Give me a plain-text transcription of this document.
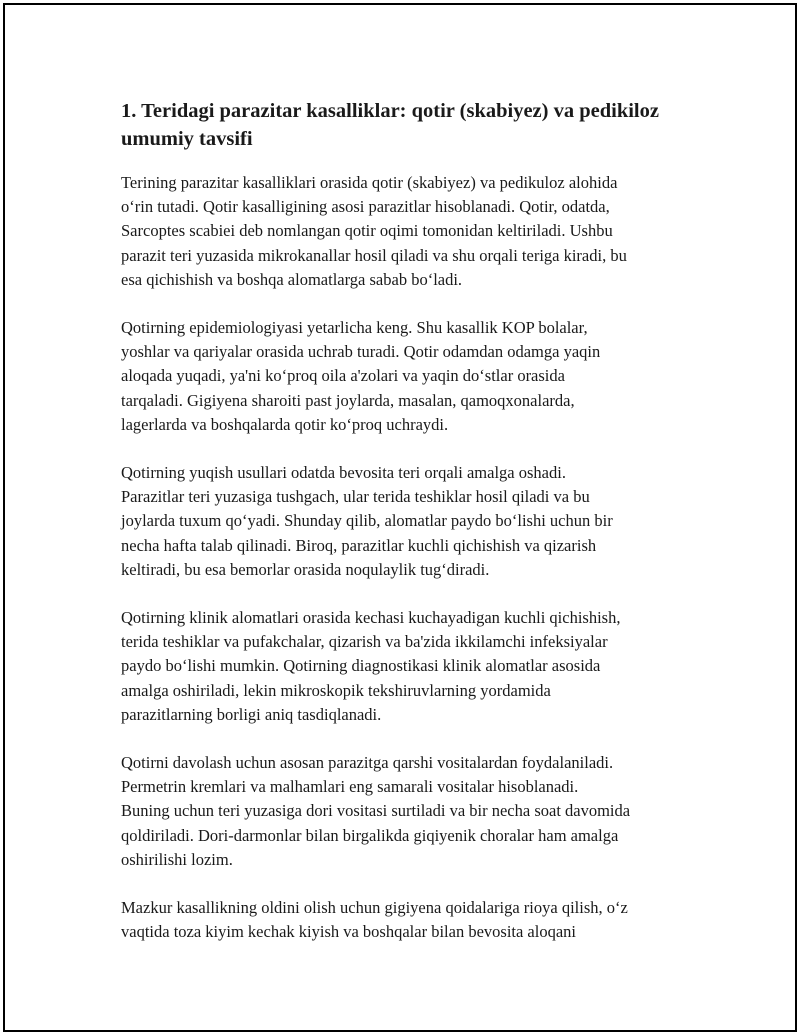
1. Teridagi parazitar kasalliklar: qotir (skabiyez) va pedikiloz
umumiy tavsifi

Terining parazitar kasalliklari orasida qotir (skabiyez) va pedikuloz alohida
o‘rin tutadi. Qotir kasalligining asosi parazitlar hisoblanadi. Qotir, odatda,
Sarcoptes scabiei deb nomlangan qotir oqimi tomonidan keltiriladi. Ushbu
parazit teri yuzasida mikrokanallar hosil qiladi va shu orqali teriga kiradi, bu
esa qichishish va boshqa alomatlarga sabab bo‘ladi.

Qotirning epidemiologiyasi yetarlicha keng. Shu kasallik KOP bolalar,
yoshlar va qariyalar orasida uchrab turadi. Qotir odamdan odamga yaqin
aloqada yuqadi, ya'ni ko‘proq oila a'zolari va yaqin do‘stlar orasida
tarqaladi. Gigiyena sharoiti past joylarda, masalan, qamoqxonalarda,
lagerlarda va boshqalarda qotir ko‘proq uchraydi.

Qotirning yuqish usullari odatda bevosita teri orqali amalga oshadi.
Parazitlar teri yuzasiga tushgach, ular terida teshiklar hosil qiladi va bu
joylarda tuxum qo‘yadi. Shunday qilib, alomatlar paydo bo‘lishi uchun bir
necha hafta talab qilinadi. Biroq, parazitlar kuchli qichishish va qizarish
keltiradi, bu esa bemorlar orasida noqulaylik tug‘diradi.

Qotirning klinik alomatlari orasida kechasi kuchayadigan kuchli qichishish,
terida teshiklar va pufakchalar, qizarish va ba'zida ikkilamchi infeksiyalar
paydo bo‘lishi mumkin. Qotirning diagnostikasi klinik alomatlar asosida
amalga oshiriladi, lekin mikroskopik tekshiruvlarning yordamida
parazitlarning borligi aniq tasdiqlanadi.

Qotirni davolash uchun asosan parazitga qarshi vositalardan foydalaniladi.
Permetrin kremlari va malhamlari eng samarali vositalar hisoblanadi.
Buning uchun teri yuzasiga dori vositasi surtiladi va bir necha soat davomida
qoldiriladi. Dori-darmonlar bilan birgalikda giqiyenik choralar ham amalga
oshirilishi lozim.

Mazkur kasallikning oldini olish uchun gigiyena qoidalariga rioya qilish, o‘z
vaqtida toza kiyim kechak kiyish va boshqalar bilan bevosita aloqani
